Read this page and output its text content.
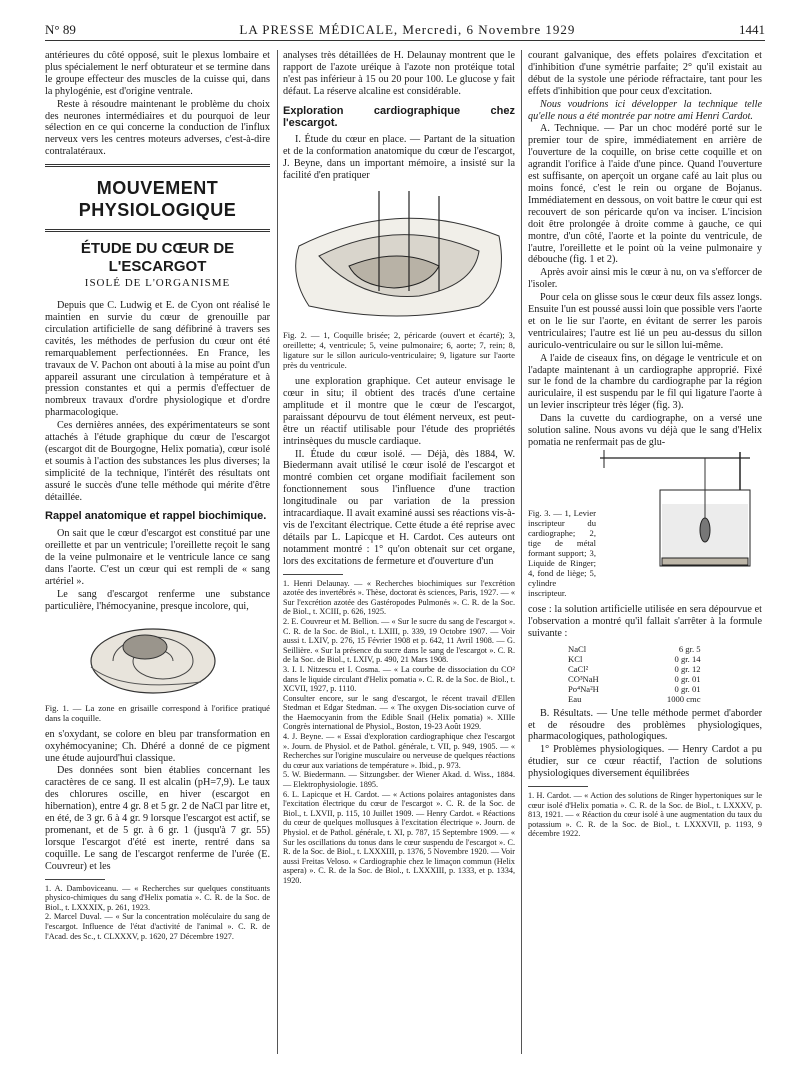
N° 89	LA PRESSE MÉDICALE, Mercredi, 6 Novembre 1929	1441

antérieures du côté opposé, suit le plexus lombaire et plus spécialement le nerf obturateur et se termine dans le groupe effecteur des muscles de la cuisse qui, dans la phylogénie, est d'origine ventrale.

Reste à résoudre maintenant le problème du choix des neurones intermédiaires et du pourquoi de leur sélection en ce qui concerne la conduction de l'influx nerveux vers les centres moteurs adverses, c'est-à-dire contralatéraux.

MOUVEMENT PHYSIOLOGIQUE
ÉTUDE DU CŒUR DE L'ESCARGOT
ISOLÉ DE L'ORGANISME

Depuis que C. Ludwig et E. de Cyon ont réalisé le maintien en survie du cœur de grenouille par circulation artificielle de sang défibriné à travers ses cavités, les méthodes de perfusion du cœur ont été remarquablement perfectionnées. En France, les travaux de V. Pachon ont abouti à la mise au point d'un appareil assurant une circulation à température et à pression constantes et qui a permis d'effectuer de nombreux travaux d'ordre physiologique et d'ordre pharmacologique.

Ces dernières années, des expérimentateurs se sont attachés à l'étude graphique du cœur de l'escargot (escargot dit de Bourgogne, Helix pomatia), cœur isolé et soumis à l'action des substances les plus diverses; la simplicité de la technique, l'intérêt des résultats ont assuré le succès d'une telle méthode qui mérite d'être détaillée.

Rappel anatomique et rappel biochimique.

On sait que le cœur d'escargot est constitué par une oreillette et par un ventricule; l'oreillette reçoit le sang de la veine pulmonaire et le ventricule lance ce sang dans l'aorte. C'est un cœur qui est rempli de « sang artériel ».

Le sang d'escargot renferme une substance particulière, l'hémocyanine, presque incolore, qui,

Fig. 1. — La zone en grisaille correspond à l'orifice pratiqué dans la coquille.

en s'oxydant, se colore en bleu par transformation en oxyhémocyanine; Ch. Dhéré a donné de ce pigment une étude aujourd'hui classique.

Des données sont bien établies concernant les caractères de ce sang. Il est alcalin (pH=7,9). Le taux des chlorures oscille, en hiver (escargot en hibernation), entre 4 gr. 8 et 5 gr. 2 de NaCl par litre et, en été, de 3 gr. 6 à 4 gr. 9 lorsque l'escargot est actif, se promenant, et de 5 gr. à 6 gr. 1 (jusqu'à 7 gr. 55) lorsque l'escargot d'été est inerte, rentré dans sa coquille. Le sang de l'escargot renferme de l'urée (E. Couvreur) et les

1. A. Damboviceanu. — « Recherches sur quelques constituants physico-chimiques du sang d'Helix pomatia ». C. R. de la Soc. de Biol., t. LXXXIX, p. 261, 1923.
2. Marcel Duval. — « Sur la concentration moléculaire du sang de l'escargot. Influence de l'état d'activité de l'animal ». C. R. de l'Acad. des Sc., t. CLXXXV, p. 1620, 27 Décembre 1927.

analyses très détaillées de H. Delaunay montrent que le rapport de l'azote uréique à l'azote non protéique total n'est pas inférieur à 15 ou 20 pour 100. Le glucose y fait défaut. La réserve alcaline est considérable.

Exploration cardiographique chez l'escargot.

I. Étude du cœur en place. — Partant de la situation et de la conformation anatomique du cœur de l'escargot, J. Beyne, dans un important mémoire, a insisté sur la facilité d'en pratiquer

Fig. 2. — 1, Coquille brisée; 2, péricarde (ouvert et écarté); 3, oreillette; 4, ventricule; 5, veine pulmonaire; 6, aorte; 7, rein; 8, ligature sur le sillon auriculo-ventriculaire; 9, ligature sur l'aorte près du ventricule.

une exploration graphique. Cet auteur envisage le cœur in situ; il obtient des tracés d'une certaine amplitude et il montre que le cœur de l'escargot, paraissant dépourvu de tout élément nerveux, est peut-être un réactif utilisable pour l'étude des propriétés intrinsèques du muscle cardiaque.

II. Étude du cœur isolé. — Déjà, dès 1884, W. Biedermann avait utilisé le cœur isolé de l'escargot et montré combien cet organe modifiait facilement son fonctionnement sous l'influence d'une traction longitudinale ou par variation de la pression intracardiaque. Il avait examiné aussi ses réactions vis-à-vis de l'excitant électrique. Cette étude a été reprise avec détails par L. Lapicque et H. Cardot. Ces auteurs ont notamment montré : 1° qu'on obtenait sur cet organe, lors des excitations de fermeture et d'ouverture d'un

1. Henri Delaunay. — « Recherches biochimiques sur l'excrétion azotée des invertébrés ». Thèse, doctorat ès sciences, Paris, 1927. — « Sur l'excrétion azotée des Gastéropodes Pulmonés ». C. R. de la Soc. de Biol., t. XCIII, p. 626, 1925.
2. E. Couvreur et M. Bellion. — « Sur le sucre du sang de l'escargot ». C. R. de la Soc. de Biol., t. LXIII, p. 339, 19 Octobre 1907. — Voir aussi t. LXIV, p. 276, 15 Février 1908 et p. 642, 11 Avril 1908. — G. Seillière. « Sur la présence du sucre dans le sang de l'escargot ». C. R. de la Soc. de Biol., t. LXIV, p. 490, 21 Mars 1908.
3. I. I. Nitzescu et I. Cosma. — « La courbe de dissociation du CO² dans le liquide circulant d'Helix pomatia ». C. R. de la Soc. de Biol., t. XCVII, 1927, p. 1110.
Consulter encore, sur le sang d'escargot, le récent travail d'Ellen Stedman et Edgar Stedman. — « The oxygen Dis-sociation curve of the Haemocyanin from the Edible Snail (Helix pomatia) ». XIIIe Congrès international de Physiol., Boston, 19-23 Août 1929.
4. J. Beyne. — « Essai d'exploration cardiographique chez l'escargot ». Journ. de Physiol. et de Pathol. générale, t. VII, p. 949, 1905. — « Recherches sur l'origine musculaire ou nerveuse de quelques réactions du cœur aux variations de température ». Ibid., p. 973.
5. W. Biedermann. — Sitzungsber. der Wiener Akad. d. Wiss., 1884. — Elektrophysiologie. 1895.
6. L. Lapicque et H. Cardot. — « Actions polaires antagonistes dans l'excitation électrique du cœur de l'escargot ». C. R. de la Soc. de Biol., t. LXVII, p. 115, 10 Juillet 1909. — Henry Cardot. « Réactions du cœur de quelques mollusques à l'excitation électrique ». Journ. de Physiol. et de Pathol. générale, t. XI, p. 787, 15 Septembre 1909. — « Sur les oscillations du tonus dans le cœur suspendu de l'escargot ». C. R. de la Soc. de Biol., t. LXXXIII, p. 1376, 5 Novembre 1920. — Voir aussi Freitas Veloso. « Cardiographie chez le limaçon commun (Helix aspera) ». C. R. de la Soc. de Biol., t. LXXXIII, p. 1333, et p. 1334, 1920.

courant galvanique, des effets polaires d'excitation et d'inhibition d'une symétrie parfaite; 2° qu'il existait au début de la systole une période réfractaire, tant pour les effets d'inhibition que pour ceux d'excitation.

Nous voudrions ici développer la technique telle qu'elle nous a été montrée par notre ami Henri Cardot.

A. Technique. — Par un choc modéré porté sur le premier tour de spire, immédiatement en arrière de l'ouverture de la coquille, on brise cette coquille et on agrandit l'orifice à l'aide d'une pince. Quand l'ouverture est suffisante, on aperçoit un organe café au lait plus ou moins foncé, c'est le rein ou organe de Bojanus. Immédiatement en dessous, on voit battre le cœur qui est recouvert de son péricarde qu'on va inciser. L'incision doit être prolongée à droite comme à gauche, ce qui montre, d'un côté, l'aorte et la pointe du ventricule, de l'autre, l'oreillette et le point où la veine pulmonaire y débouche (fig. 1 et 2).

Après avoir ainsi mis le cœur à nu, on va s'efforcer de l'isoler.

Pour cela on glisse sous le cœur deux fils assez longs. Ensuite l'un est poussé aussi loin que possible vers l'aorte et on le lie sur l'aorte, en évitant de serrer les parois ventriculaires; l'autre est lié un peu au-dessus du sillon auriculo-ventriculaire ou sur le sillon lui-même.

A l'aide de ciseaux fins, on dégage le ventricule et on l'adapte maintenant à un cardiographe approprié. Fixé sur le fond de la chambre du cardiographe par la région auriculaire, il est suspendu par le fil qui ligature l'aorte à un levier inscripteur très léger (fig. 3).

Dans la cuvette du cardiographe, on a versé une solution saline. Nous avons vu déjà que le sang d'Helix pomatia ne renfermait pas de glu-

Fig. 3. — 1, Levier inscripteur du cardiographe; 2, tige de métal formant support; 3, Liquide de Ringer; 4, fond de liège; 5, cylindre inscripteur.

cose : la solution artificielle utilisée en sera dépourvue et l'observation a montré qu'il fallait s'arrêter à la formule suivante :

NaCl	6 gr. 5
KCl	0 gr. 14
CaCl²	0 gr. 12
CO³NaH	0 gr. 01
Po⁴Na²H	0 gr. 01
Eau	1000 cmc

B. Résultats. — Une telle méthode permet d'aborder et de résoudre des problèmes physiologiques, pharmacologiques, pathologiques.

1° Problèmes physiologiques. — Henry Cardot a pu étudier, sur ce cœur réactif, l'action de solutions physiologiques diversement équilibrées

1. H. Cardot. — « Action des solutions de Ringer hypertoniques sur le cœur isolé d'Helix pomatia ». C. R. de la Soc. de Biol., t. LXXXV, p. 813, 1921. — « Réaction du cœur isolé à une augmentation du taux du potassium ». C. R. de la Soc. de Biol., t. LXXXVII, p. 1193, 9 décembre 1922.
